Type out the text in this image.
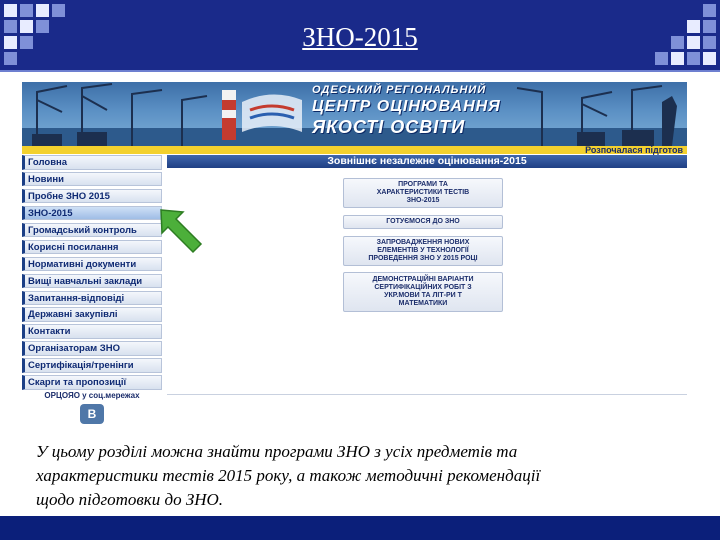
ЗНО-2015
ОДЕСЬКИЙ РЕГІОНАЛЬНИЙ
ЦЕНТР ОЦІНЮВАННЯ
ЯКОСТІ ОСВІТИ
Розпочалася підготов
Головна
Новини
Пробне ЗНО 2015
ЗНО-2015
Громадський контроль
Корисні посилання
Нормативні документи
Вищі навчальні заклади
Запитання-відповіді
Державні закупівлі
Контакти
Організаторам ЗНО
Сертифікація/тренінги
Скарги та пропозиції
ОРЦОЯО у соц.мережах
В
Зовнішнє незалежне оцінювання-2015
ПРОГРАМИ ТА
ХАРАКТЕРИСТИКИ ТЕСТІВ
ЗНО-2015
ГОТУЄМОСЯ ДО ЗНО
ЗАПРОВАДЖЕННЯ НОВИХ
ЕЛЕМЕНТІВ У ТЕХНОЛОГІЇ
ПРОВЕДЕННЯ ЗНО У 2015 РОЦІ
ДЕМОНСТРАЦІЙНІ ВАРІАНТИ
СЕРТИФІКАЦІЙНИХ РОБІТ З
УКР.МОВИ ТА ЛІТ-РИ Т
МАТЕМАТИКИ
У цьому розділі можна знайти програми ЗНО з усіх предметів та
характеристики тестів 2015 року, а також методичні рекомендації
щодо підготовки до ЗНО.
